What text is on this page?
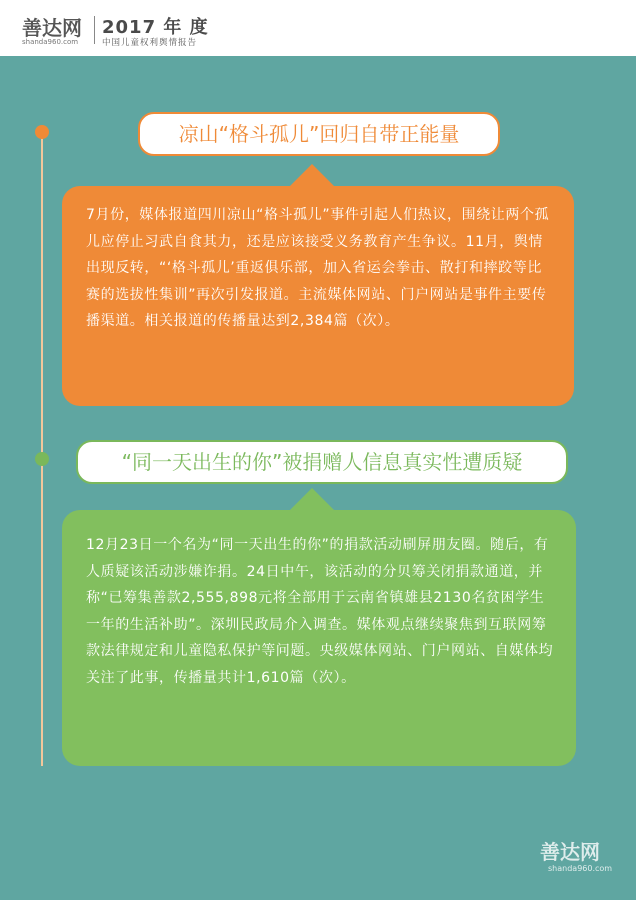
善达网
shanda960.com
2017 年 度
中国儿童权利舆情报告
凉山“格斗孤儿”回归自带正能量
7月份，媒体报道四川凉山“格斗孤儿”事件引起人们热议，围绕让两个孤儿应停止习武自食其力，还是应该接受义务教育产生争议。11月，舆情出现反转，“‘格斗孤儿’重返俱乐部，加入省运会拳击、散打和摔跤等比赛的选拔性集训”再次引发报道。主流媒体网站、门户网站是事件主要传播渠道。相关报道的传播量达到2,384篇（次）。
“同一天出生的你”被捐赠人信息真实性遭质疑
12月23日一个名为“同一天出生的你”的捐款活动刷屏朋友圈。随后，有人质疑该活动涉嫌诈捐。24日中午，该活动的分贝筹关闭捐款通道，并称“已筹集善款2,555,898元将全部用于云南省镇雄县2130名贫困学生一年的生活补助”。深圳民政局介入调查。媒体观点继续聚焦到互联网筹款法律规定和儿童隐私保护等问题。央级媒体网站、门户网站、自媒体均关注了此事，传播量共计1,610篇（次）。
善达网
shanda960.com
